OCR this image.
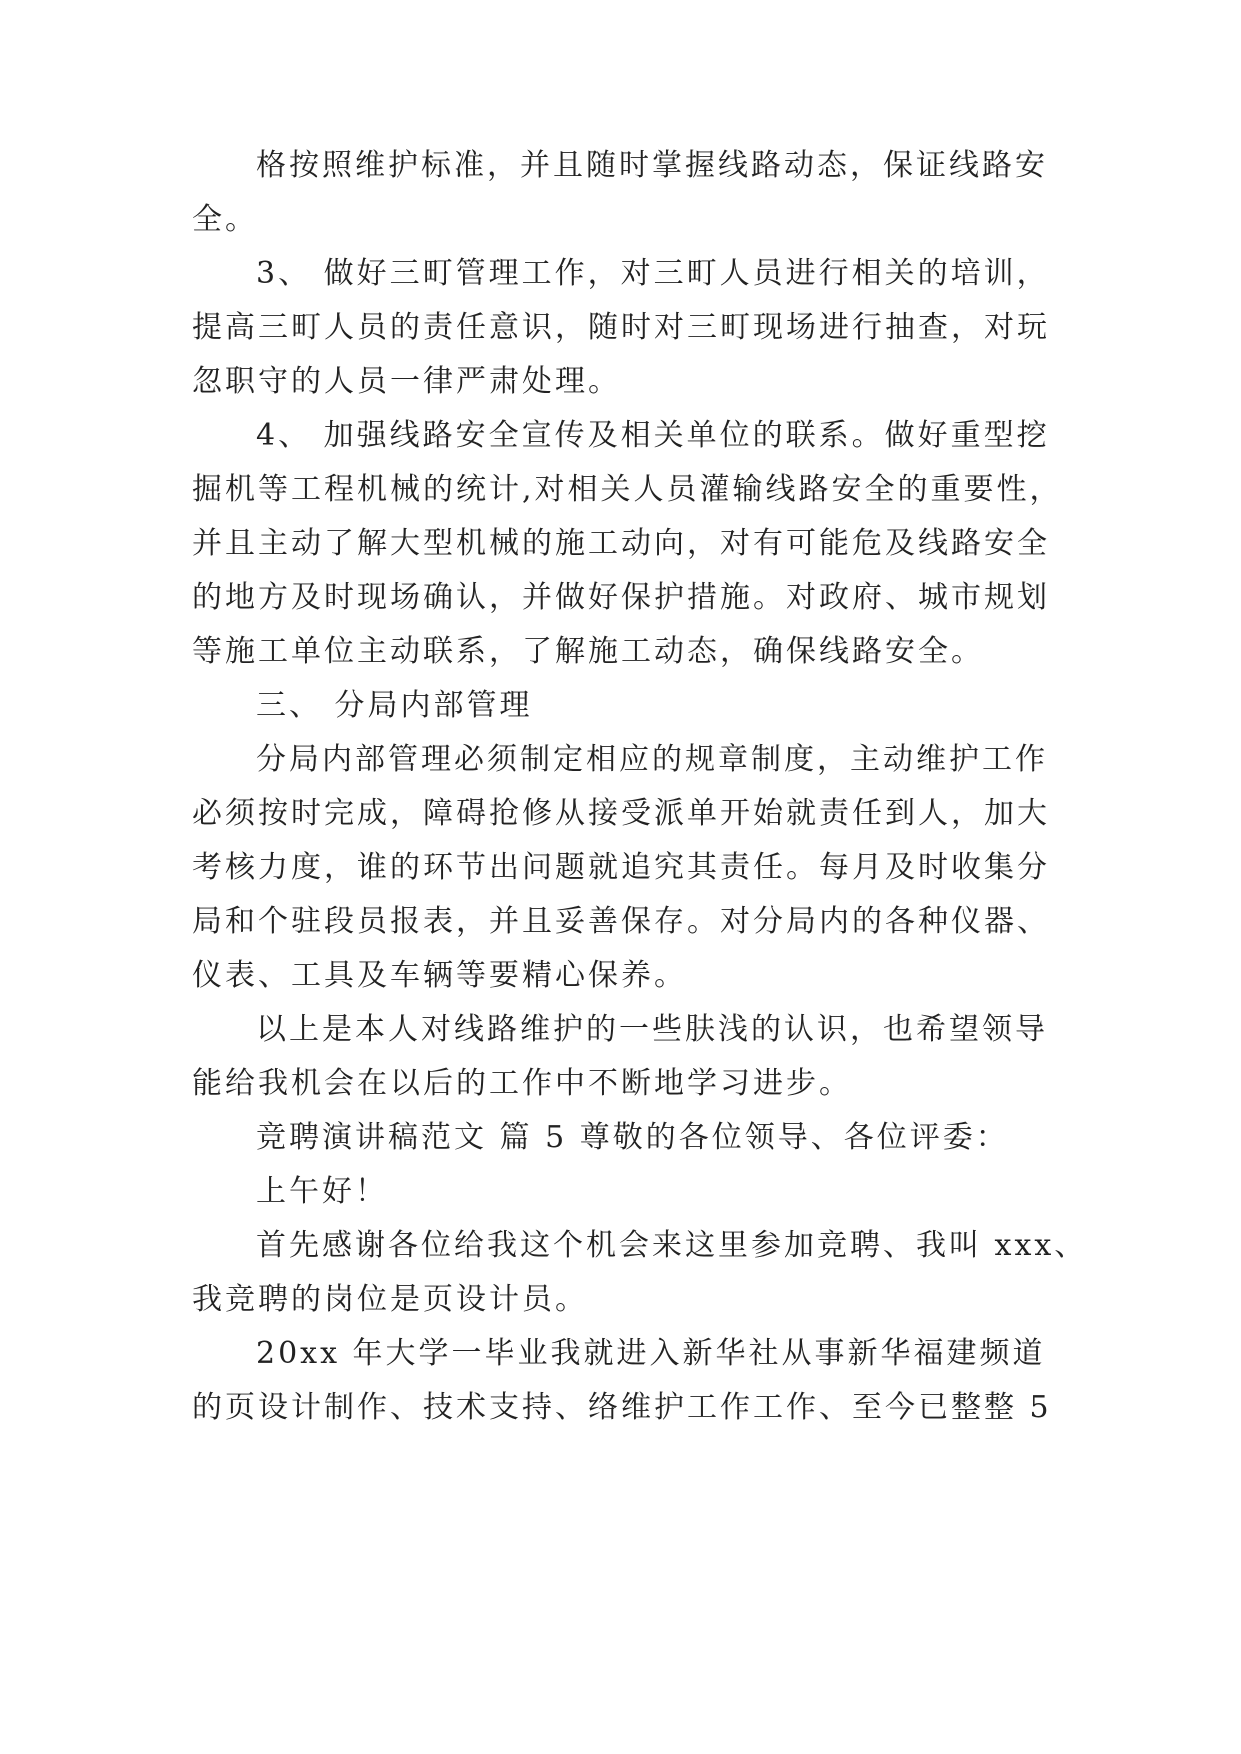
格按照维护标准，并且随时掌握线路动态，保证线路安
全。
3、 做好三町管理工作，对三町人员进行相关的培训，
提高三町人员的责任意识，随时对三町现场进行抽查，对玩
忽职守的人员一律严肃处理。
4、 加强线路安全宣传及相关单位的联系。做好重型挖
掘机等工程机械的统计,对相关人员灌输线路安全的重要性，
并且主动了解大型机械的施工动向，对有可能危及线路安全
的地方及时现场确认，并做好保护措施。对政府、城市规划
等施工单位主动联系，了解施工动态，确保线路安全。
三、 分局内部管理
分局内部管理必须制定相应的规章制度，主动维护工作
必须按时完成，障碍抢修从接受派单开始就责任到人，加大
考核力度，谁的环节出问题就追究其责任。每月及时收集分
局和个驻段员报表，并且妥善保存。对分局内的各种仪器、
仪表、工具及车辆等要精心保养。
以上是本人对线路维护的一些肤浅的认识，也希望领导
能给我机会在以后的工作中不断地学习进步。
竞聘演讲稿范文 篇 5 尊敬的各位领导、各位评委：
上午好！
首先感谢各位给我这个机会来这里参加竞聘、我叫 xxx、
我竞聘的岗位是页设计员。
20xx 年大学一毕业我就进入新华社从事新华福建频道
的页设计制作、技术支持、络维护工作工作、至今已整整 5
